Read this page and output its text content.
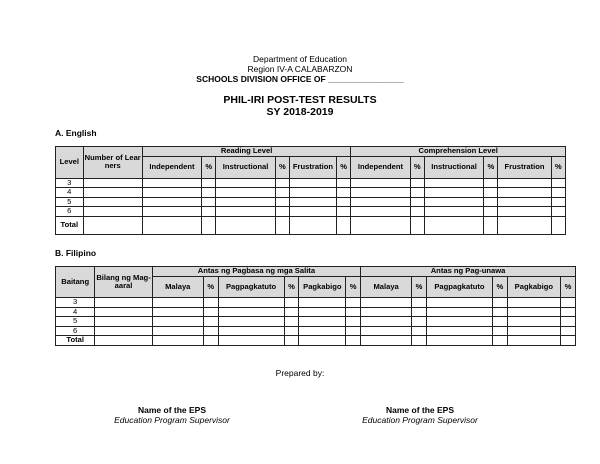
Department of Education
Region IV-A CALABARZON
SCHOOLS DIVISION OFFICE OF ________________
PHIL-IRI POST-TEST RESULTS
SY 2018-2019
A. English
Level	Number of Learners	Reading Level						Comprehension Level					
		Independent	%	Instructional	%	Frustration	%	Independent	%	Instructional	%	Frustration	%
3													
4													
5													
6													
Total													
B. Filipino
Baitang	Bilang ng Mag-aaral	Antas ng Pagbasa ng mga Salita						Antas ng Pag-unawa					
		Malaya	%	Pagpagkatuto	%	Pagkabigo	%	Malaya	%	Pagpagkatuto	%	Pagkabigo	%
3													
4													
5													
6													
Total													
Prepared by:
Name of the EPS
Education Program Supervisor
Name of the EPS
Education Program Supervisor
